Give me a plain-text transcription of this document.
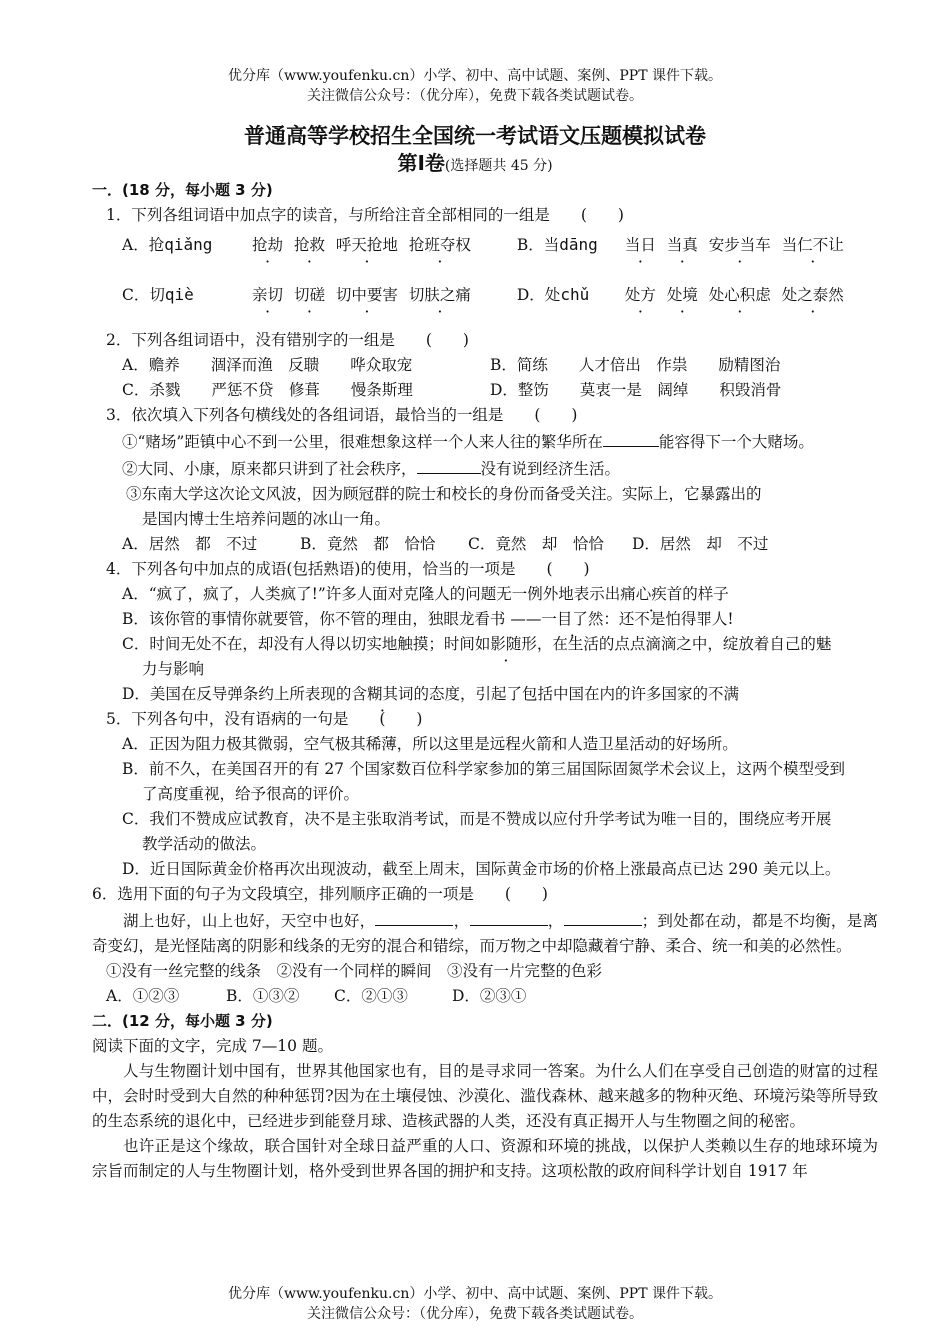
优分库（www.youfenku.cn）小学、初中、高中试题、案例、PPT 课件下载。
关注微信公众号：（优分库），免费下载各类试题试卷。
普通高等学校招生全国统一考试语文压题模拟试卷
第Ⅰ卷(选择题共 45 分)
一．(18 分，每小题 3 分)
1．下列各组词语中加点字的读音，与所给注音全部相同的一组是　　(　　)
A．抢qiǎng	抢劫 抢救 呼天抢地 抢班夺权	B．当dāng	当日 当真 安步当车 当仁不让
C．切qiè	亲切 切磋 切中要害 切肤之痛	D．处chǔ	处方 处境 处心积虑 处之泰然
2．下列各组词语中，没有错别字的一组是　　(　　)
A．赡养　　涸泽而渔　反聩　　哗众取宠	B．简练　　人才倍出　作祟　　励精图治
C．杀戮　　严惩不贷　修葺　　慢条斯理	D．整饬　　莫衷一是　阔绰　　积毁消骨
3．依次填入下列各句横线处的各组词语，最恰当的一组是　　(　　)
①“赌场”距镇中心不到一公里，很难想象这样一个人来人往的繁华所在	能容得下一个大赌场。
②大同、小康，原来都只讲到了社会秩序，	没有说到经济生活。
③东南大学这次论文风波，因为顾冠群的院士和校长的身份而备受关注。实际上，它暴露出的
是国内博士生培养问题的冰山一角。
A．居然　都　不过	B．竟然　都　恰恰 C．竟然　却　恰恰 D．居然　却　不过
4．下列各句中加点的成语(包括熟语)的使用，恰当的一项是　　(　　)
A．“疯了，疯了，人类疯了!”许多人面对克隆人的问题无一例外地表示出痛心疾首的样子
B．该你管的事情你就要管，你不管的理由，独眼龙看书 ——一目了然：还不是怕得罪人!
C．时间无处不在，却没有人得以切实地触摸；时间如影随形，在生活的点点滴滴之中，绽放着自己的魅
力与影响
D．美国在反导弹条约上所表现的含糊其词的态度，引起了包括中国在内的许多国家的不满
5．下列各句中，没有语病的一句是　　(　　)
A．正因为阻力极其微弱，空气极其稀薄，所以这里是远程火箭和人造卫星活动的好场所。
B．前不久，在美国召开的有 27 个国家数百位科学家参加的第三届国际固氮学术会议上，这两个模型受到
了高度重视，给予很高的评价。
C．我们不赞成应试教育，决不是主张取消考试，而是不赞成以应付升学考试为唯一目的，围绕应考开展
教学活动的做法。
D．近日国际黄金价格再次出现波动，截至上周末，国际黄金市场的价格上涨最高点已达 290 美元以上。
6．选用下面的句子为文段填空，排列顺序正确的一项是　　(　　)
湖上也好，山上也好，天空中也好，	，	，	；到处都在动，都是不均衡，是离奇变幻，是光怪陆离的阴影和线条的无穷的混合和错综，而万物之中却隐藏着宁静、柔合、统一和美的必然性。
①没有一丝完整的线条　②没有一个同样的瞬间　③没有一片完整的色彩
A．①②③	B．①③② C．②①③	D．②③①
二．(12 分，每小题 3 分)
阅读下面的文字，完成 7—10 题。
人与生物圈计划中国有，世界其他国家也有，目的是寻求同一答案。为什么人们在享受自己创造的财富的过程中，会时时受到大自然的种种惩罚?因为在土壤侵蚀、沙漠化、滥伐森林、越来越多的物种灭绝、环境污染等所导致的生态系统的退化中，已经进步到能登月球、造核武器的人类，还没有真正揭开人与生物圈之间的秘密。
也许正是这个缘故，联合国针对全球日益严重的人口、资源和环境的挑战，以保护人类赖以生存的地球环境为宗旨而制定的人与生物圈计划，格外受到世界各国的拥护和支持。这项松散的政府间科学计划自 1917 年
优分库（www.youfenku.cn）小学、初中、高中试题、案例、PPT 课件下载。
关注微信公众号：（优分库），免费下载各类试题试卷。
